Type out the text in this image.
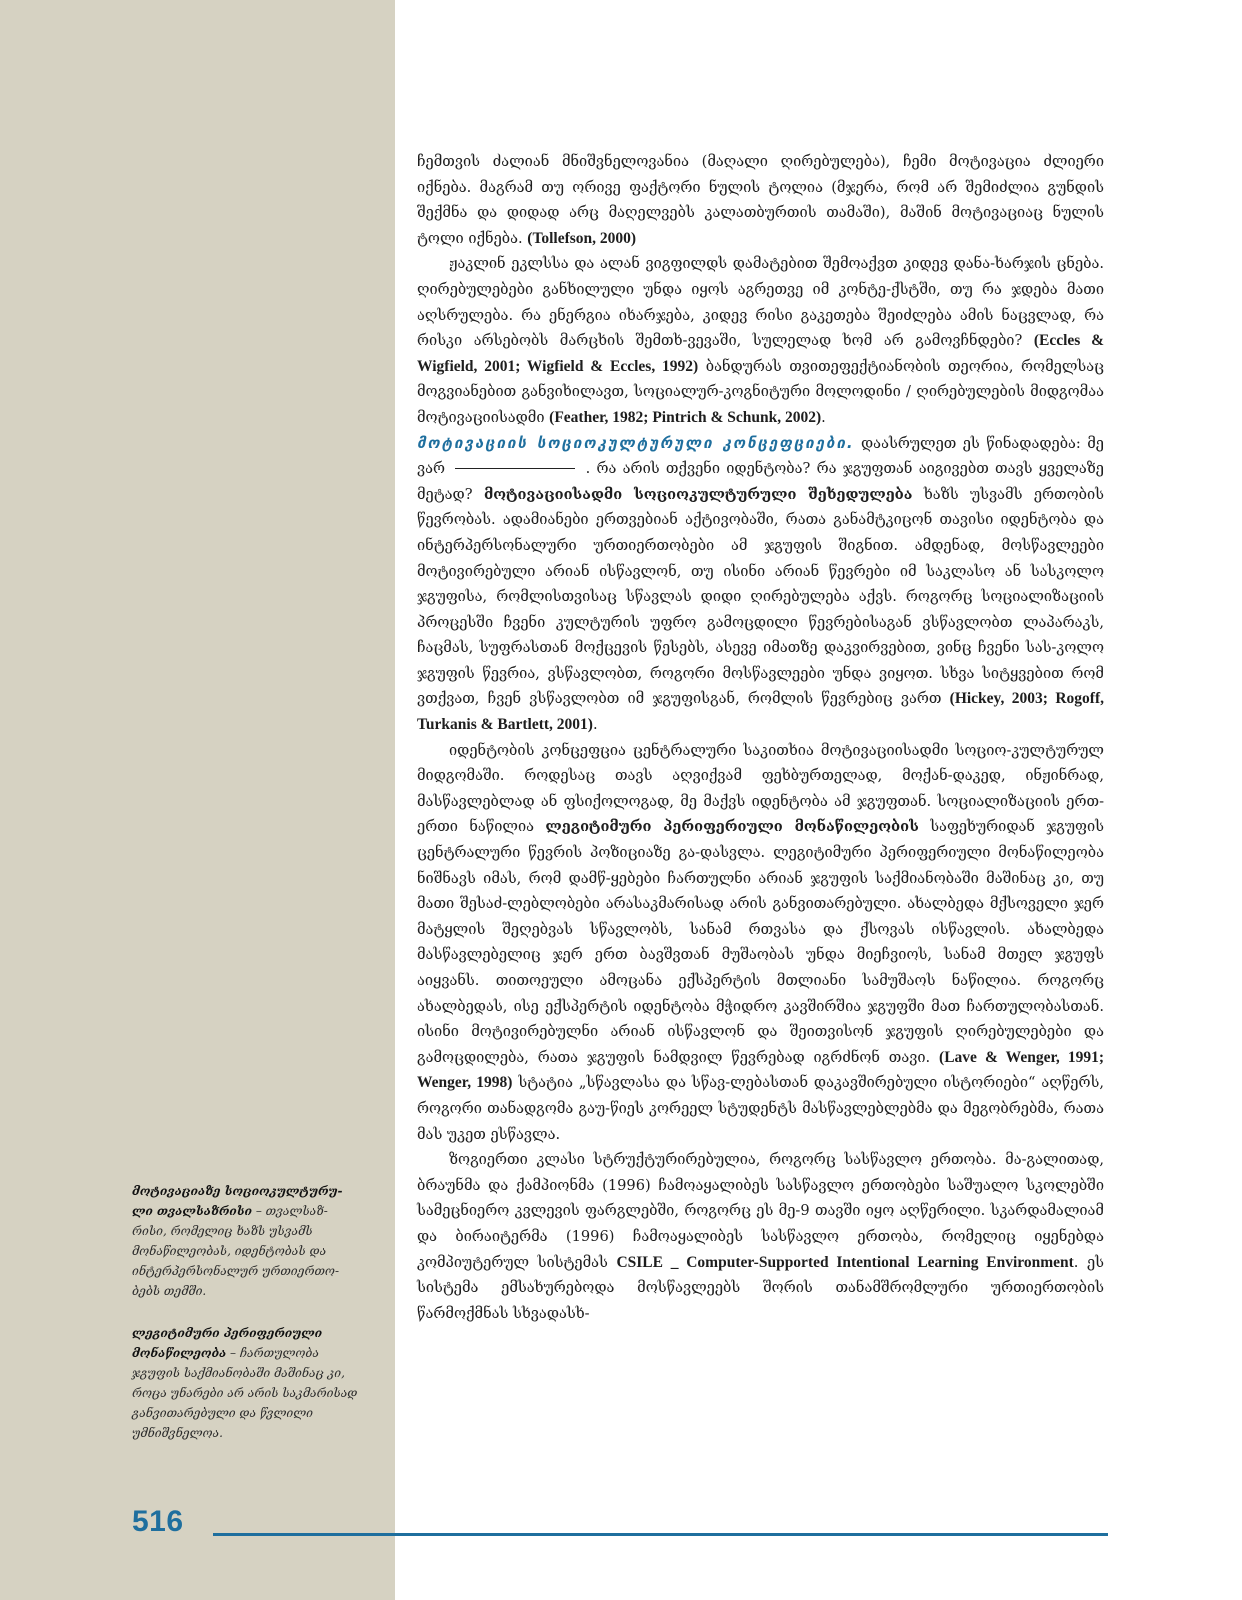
მოტივაციაზე სოციოკულტურუ-ლი თვალსაზრისი – თვალსაზ-რისი, რომელიც ხაზს უსვამს მონაწილეობას, იდენტობას და ინტერპერსონალურ ურთიერთო-ბებს თემში.

ლეგიტიმური პერიფერიული მონაწილეობა – ჩართულობა ჯგუფის საქმიანობაში მაშინაც კი, როცა უნარები არ არის საკმარისად განვითარებული და წვლილი უმნიშვნელოა.

516

ჩემთვის ძალიან მნიშვნელოვანია (მაღალი ღირებულება), ჩემი მოტივაცია ძლიერი იქნება. მაგრამ თუ ორივე ფაქტორი ნულის ტოლია (მჯერა, რომ არ შემიძლია გუნდის შექმნა და დიდად არც მაღელვებს კალათბურთის თამაში), მაშინ მოტივაციაც ნულის ტოლი იქნება. (Tollefson, 2000)

ჟაკლინ ეკლსსა და ალან ვიგფილდს დამატებით შემოაქვთ კიდევ დანა-ხარჯის ცნება. ღირებულებები განხილული უნდა იყოს აგრეთვე იმ კონტე-ქსტში, თუ რა ჯდება მათი აღსრულება. რა ენერგია იხარჯება, კიდევ რისი გაკეთება შეიძლება ამის ნაცვლად, რა რისკი არსებობს მარცხის შემთხ-ვევაში, სულელად ხომ არ გამოვჩნდები? (Eccles & Wigfield, 2001; Wigfield & Eccles, 1992) ბანდურას თვითეფექტიანობის თეორია, რომელსაც მოგვიანებით განვიხილავთ, სოციალურ-კოგნიტური მოლოდინი / ღირებულების მიდგომაა მოტივაციისადმი (Feather, 1982; Pintrich & Schunk, 2002).

მოტივაციის სოციოკულტურული კონცეფციები. დაასრულეთ ეს წინადადება: მე ვარ	. რა არის თქვენი იდენტობა? რა ჯგუფთან აიგივებთ თავს ყველაზე მეტად? მოტივაციისადმი სოციოკულტურული შეხედულება ხაზს უსვამს ერთობის წევრობას. ადამიანები ერთვებიან აქტივობაში, რათა განამტკიცონ თავისი იდენტობა და ინტერპერსონალური ურთიერთობები ამ ჯგუფის შიგნით. ამდენად, მოსწავლეები მოტივირებული არიან ისწავლონ, თუ ისინი არიან წევრები იმ საკლასო ან სასკოლო ჯგუფისა, რომლისთვისაც სწავლას დიდი ღირებულება აქვს. როგორც სოციალიზაციის პროცესში ჩვენი კულტურის უფრო გამოცდილი წევრებისაგან ვსწავლობთ ლაპარაკს, ჩაცმას, სუფრასთან მოქცევის წესებს, ასევე იმათზე დაკვირვებით, ვინც ჩვენი სას-კოლო ჯგუფის წევრია, ვსწავლობთ, როგორი მოსწავლეები უნდა ვიყოთ. სხვა სიტყვებით რომ ვთქვათ, ჩვენ ვსწავლობთ იმ ჯგუფისგან, რომლის წევრებიც ვართ (Hickey, 2003; Rogoff, Turkanis & Bartlett, 2001).

იდენტობის კონცეფცია ცენტრალური საკითხია მოტივაციისადმი სოციო-კულტურულ მიდგომაში. როდესაც თავს აღვიქვამ ფეხბურთელად, მოქან-დაკედ, ინჟინრად, მასწავლებლად ან ფსიქოლოგად, მე მაქვს იდენტობა ამ ჯგუფთან. სოციალიზაციის ერთ-ერთი ნაწილია ლეგიტიმური პერიფერიული მონაწილეობის საფეხურიდან ჯგუფის ცენტრალური წევრის პოზიციაზე გა-დასვლა. ლეგიტიმური პერიფერიული მონაწილეობა ნიშნავს იმას, რომ დამწ-ყებები ჩართულნი არიან ჯგუფის საქმიანობაში მაშინაც კი, თუ მათი შესაძ-ლებლობები არასაკმარისად არის განვითარებული. ახალბედა მქსოველი ჯერ მატყლის შეღებვას სწავლობს, სანამ რთვასა და ქსოვას ისწავლის. ახალბედა მასწავლებელიც ჯერ ერთ ბავშვთან მუშაობას უნდა მიეჩვიოს, სანამ მთელ ჯგუფს აიყვანს. თითოეული ამოცანა ექსპერტის მთლიანი სამუშაოს ნაწილია. როგორც ახალბედას, ისე ექსპერტის იდენტობა მჭიდრო კავშირშია ჯგუფში მათ ჩართულობასთან. ისინი მოტივირებულნი არიან ისწავლონ და შეითვისონ ჯგუფის ღირებულებები და გამოცდილება, რათა ჯგუფის ნამდვილ წევრებად იგრძნონ თავი. (Lave & Wenger, 1991; Wenger, 1998) სტატია „სწავლასა და სწავ-ლებასთან დაკავშირებული ისტორიები“ აღწერს, როგორი თანადგომა გაუ-წიეს კორეელ სტუდენტს მასწავლებლებმა და მეგობრებმა, რათა მას უკეთ ესწავლა.

ზოგიერთი კლასი სტრუქტურირებულია, როგორც სასწავლო ერთობა. მა-გალითად, ბრაუნმა და ქამპიონმა (1996) ჩამოაყალიბეს სასწავლო ერთობები საშუალო სკოლებში სამეცნიერო კვლევის ფარგლებში, როგორც ეს მე-9 თავში იყო აღწერილი. სკარდამალიამ და ბირაიტერმა (1996) ჩამოაყალიბეს სასწავლო ერთობა, რომელიც იყენებდა კომპიუტერულ სისტემას CSILE _ Computer-Supported Intentional Learning Environment. ეს სისტემა ემსახურებოდა მოსწავლეებს შორის თანამშრომლური ურთიერთობის წარმოქმნას სხვადასხ-
